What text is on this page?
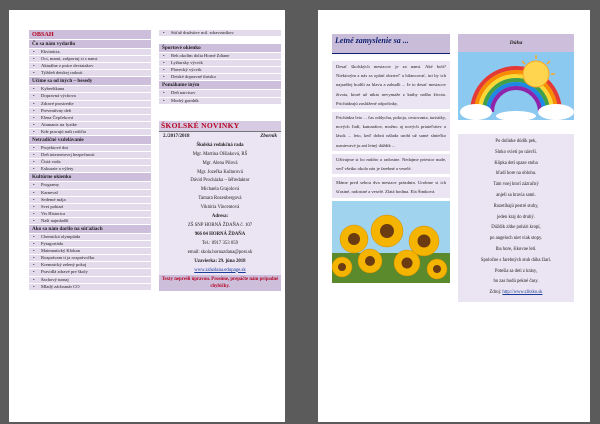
OBSAH
Čo sa nám vydarilo
• Ekvinácia,
• Oci, mami, zašportuj si s nami.
• Aktuálne z práce deviatakov
• Týždeň detskej radosti
Učíme sa od iných – besedy
• Kyberšikana
• Dopravná výchova
• Zdravé prostredie
• Preventívny deň
• Elena Čepčeková
• Atamanic na fyzike
• Kde pracujú naši rodičia
Netradičné vzdelávanie
• Projektové dni
• Deň internetovej bezpečnosti
• Čistá voda
• Exkurzie a výlety
Kultúrne okienko
• Programy
• Karneval
• Sedemé mája
• Svet pohiarí
• Vis Historica
• Naši najmladší
Ako sa nám darilo na súťažiach
• Chemická olympiáda
• Pytagoriáda
• Matematický Klokan
• Rozprávam ti ja rozprávočku
• Kremnický zelený pokoj
• Pravidlá zdravé pre školy
• Šachový turnaj
• Mladý záchranár CO
• Súťaž družstiev mil. zdravotníkov
Športové okienko
• Beh okolím dolia Horné Zdiane
• Lyžiarsky výcvik
• Plavecký výcvik
• Detské dopravné ihrisko
Pomáhame iným
• Deň narcisov
• Modrý gombík
ŠKOLSKÉ NOVINKY
2./2017/2018	Zborník
Školská redakčná rada
Mgr. Martina Olšiaková, RŠ
Mgr. Alena Pilová
Mgr. Jozefka Kulturová
Dávid Procházka – šéfredaktor
Michaela Grajolová
Tamara Rozenbergová
Viktória Vincentová
Adresa:
ZŠ SNP HORNÁ ŽDAŇA č. 107
966 04 HORNÁ ŽDAŇA
Tel.: 0917 353 059
email: skola.hornazdana@post.sk
Uzavierka: 29. júna 2018
www.zshzdana.edupage.sk
Texty neprešli úpravou. Prosíme, prepáčte nám prípadné chybičky.
Letné zamyslenie sa ...
Desať školských mesiacov je za nami. Aké boli? Niektorým z nás sa oplatí obzrieť' a bilancovať, ini by ich najradšej hodili za hlavu a zabudli ... Ie to desať mesiacov života, ktoré už nikto nevymaže z knihy našho života. Prichádzajú zaslúžené odpočinky.
Prichádza leto ... čas oddychu, pokoja, cestovania, turistiky, nových ľudí, kamarátov, možno aj nových priateľstiev a lások ... leto, keď dobrá nálada urobí už samé slniečko usmievavé ju aní letný dáždik ...
Užívajme si ho múdro a radostne. Nedajme priestor nude, veď všetko okolo nás je farebné a veselé.
Máme pred sebou dva mesiace prázdnin. Urobme si ich šťastné, radostné a veselé. Zlatá hodina. Ela Šimková.
Dúha
Po dolinke dúdík pek,
Slnko svieti po návrší.
Kôpka detí spaze stoha
hľadí hore na oblohu.
Tam vnej ktorí zázračný
anjeli sa hravia sami.
Rozetíhajú pestré stuhy,
jeden kraj do druhý.
Dúždik zítke pohári kropí,
po angeloch niet viak stopy.
Iba hore, šikovne letí.
Spoločne s farebných stuh dúha žiarí.
Potešia sa deti z krásy,
bo zas budú pekné časy.
Zdroj: http://www.zlitsko.sk
